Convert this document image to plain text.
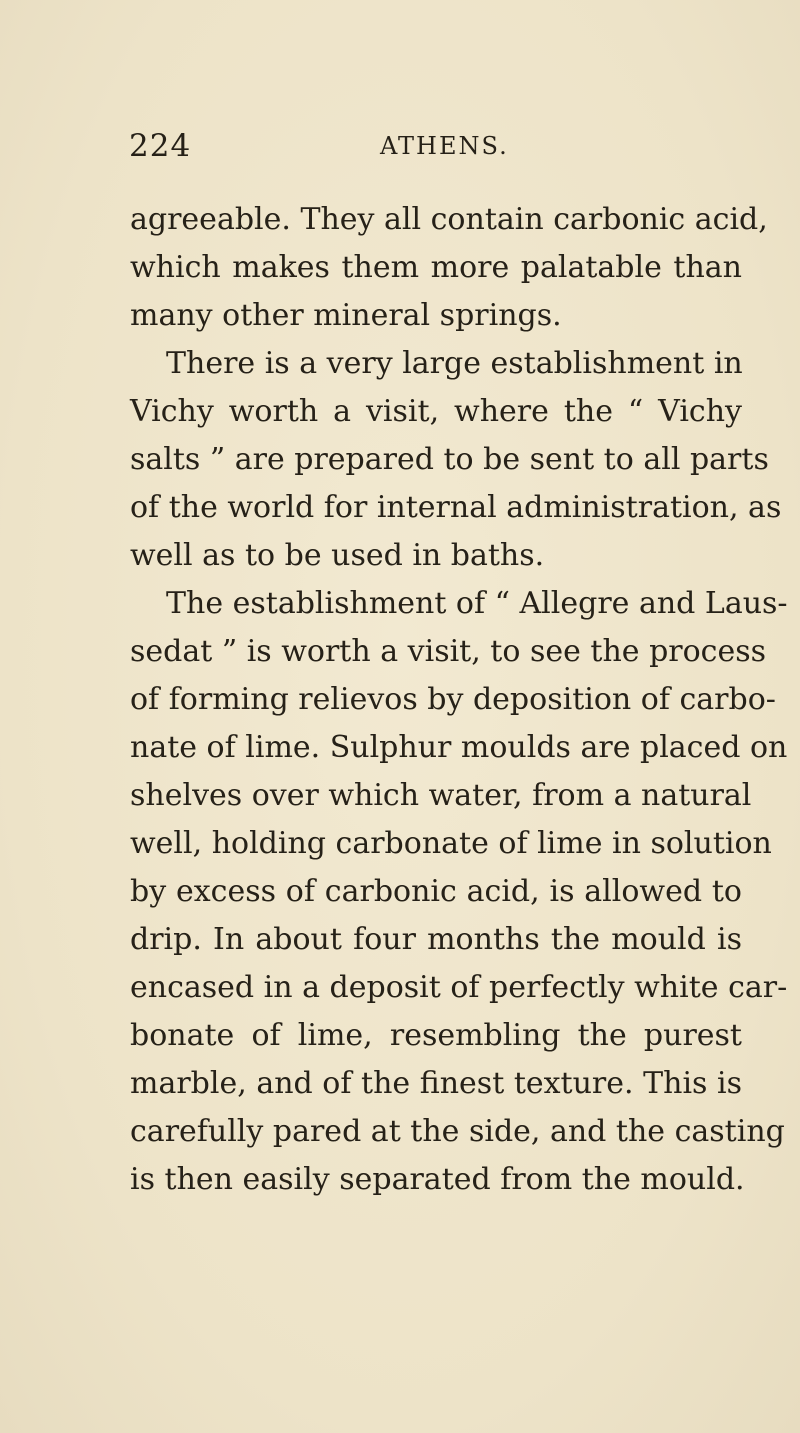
224	ATHENS.
agreeable. They all contain carbonic acid,
which makes them more palatable than
many other mineral springs.
There is a very large establishment in
Vichy worth a visit, where the “ Vichy
salts ” are prepared to be sent to all parts
of the world for internal administration, as
well as to be used in baths.
The establishment of “ Allegre and Laus-
sedat ” is worth a visit, to see the process
of forming relievos by deposition of carbo-
nate of lime. Sulphur moulds are placed on
shelves over which water, from a natural
well, holding carbonate of lime in solution
by excess of carbonic acid, is allowed to
drip. In about four months the mould is
encased in a deposit of perfectly white car-
bonate of lime, resembling the purest
marble, and of the finest texture. This is
carefully pared at the side, and the casting
is then easily separated from the mould.
